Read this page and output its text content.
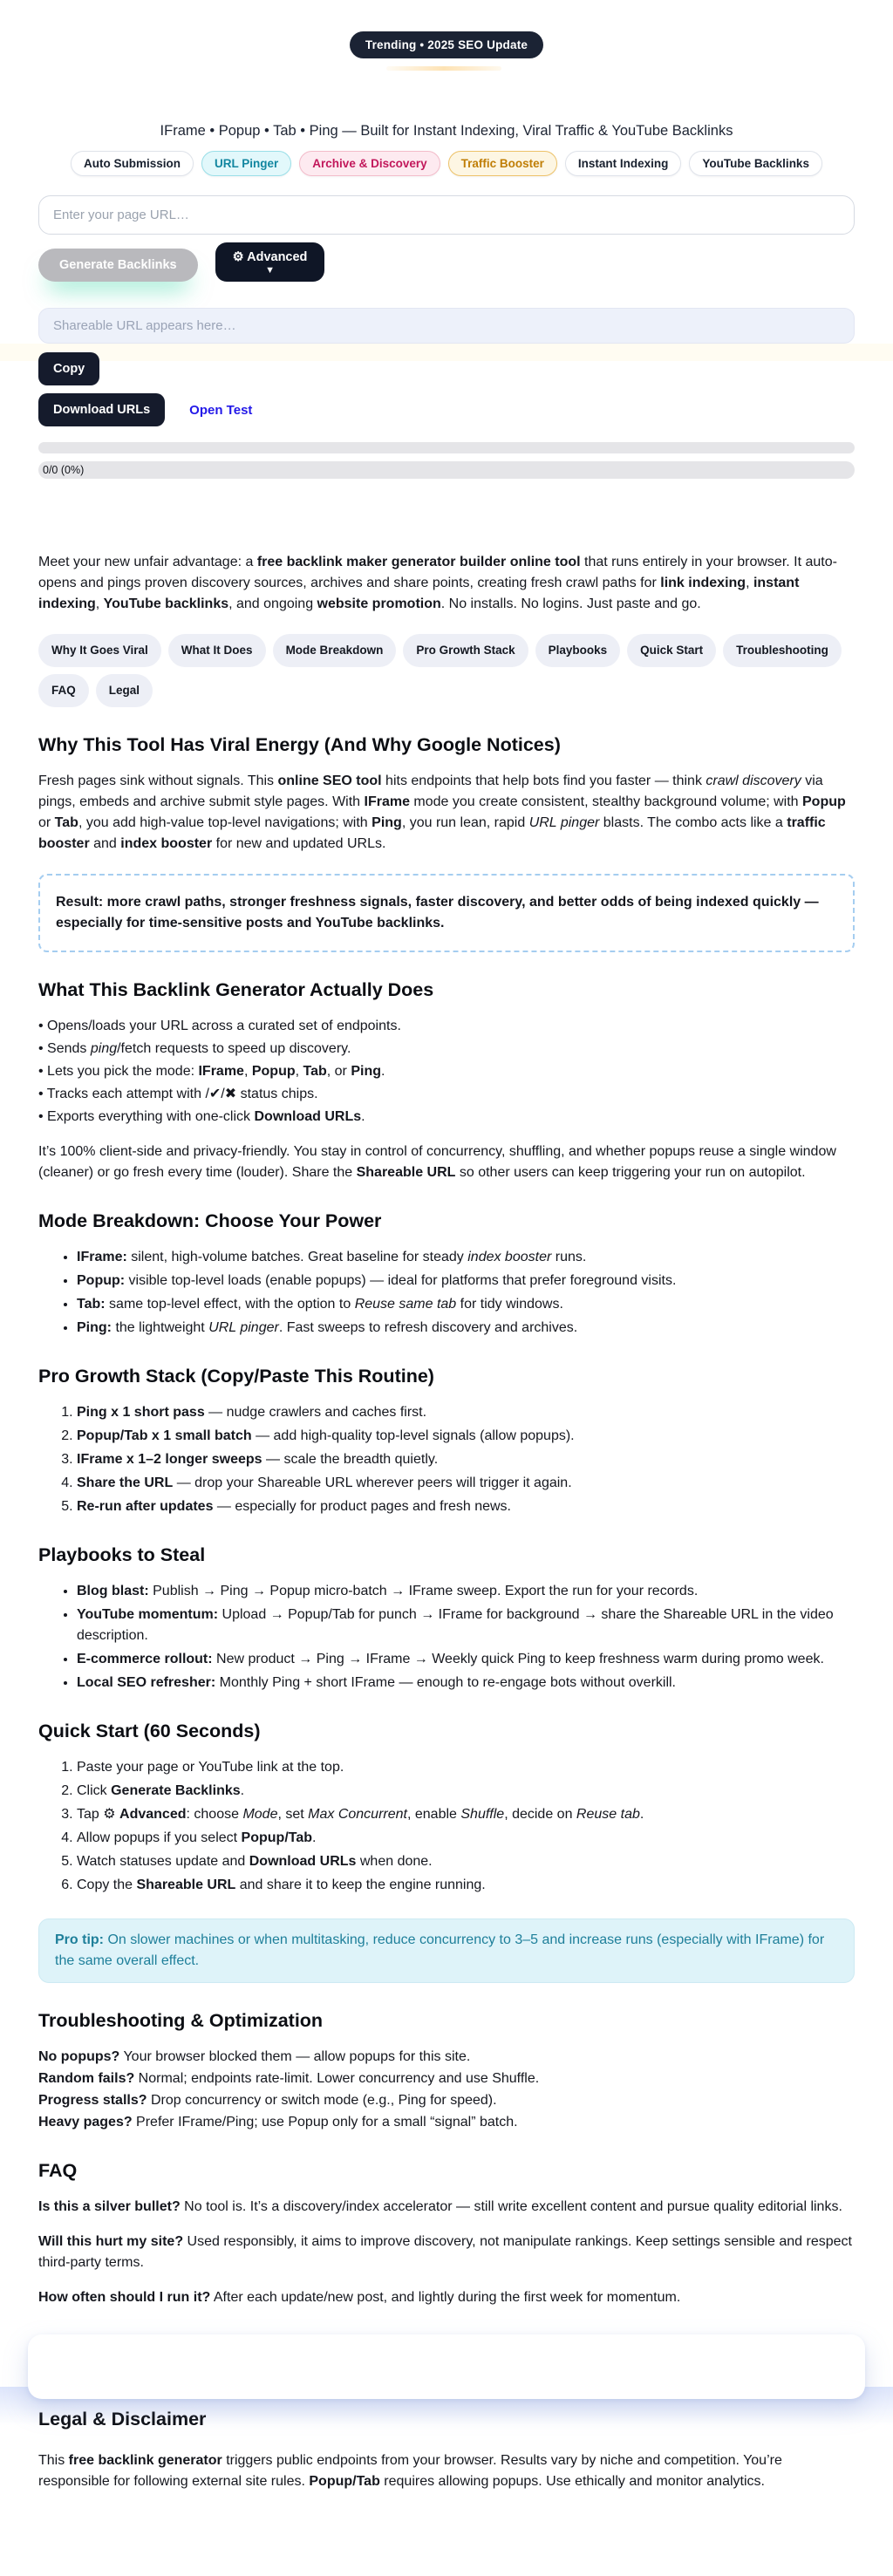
Trending • 2025 SEO Update

IFrame • Popup • Tab • Ping — Built for Instant Indexing, Viral Traffic & YouTube Backlinks

Auto Submission	URL Pinger	Archive & Discovery	Traffic Booster	Instant Indexing	YouTube Backlinks
Enter your page URL…
Generate Backlinks
⚙ Advanced
▼
Shareable URL appears here…
Copy
Download URLs	Open Test
0/0 (0%)

Meet your new unfair advantage: a free backlink maker generator builder online tool that runs entirely in your browser. It auto-opens and pings proven discovery sources, archives and share points, creating fresh crawl paths for link indexing, instant indexing, YouTube backlinks, and ongoing website promotion. No installs. No logins. Just paste and go.

Why It Goes Viral	What It Does	Mode Breakdown	Pro Growth Stack	Playbooks	Quick Start	Troubleshooting
FAQ	Legal
Why This Tool Has Viral Energy (And Why Google Notices)

Fresh pages sink without signals. This online SEO tool hits endpoints that help bots find you faster — think crawl discovery via pings, embeds and archive submit style pages. With IFrame mode you create consistent, stealthy background volume; with Popup or Tab, you add high-value top-level navigations; with Ping, you run lean, rapid URL pinger blasts. The combo acts like a traffic booster and index booster for new and updated URLs.

Result: more crawl paths, stronger freshness signals, faster discovery, and better odds of being indexed quickly — especially for time-sensitive posts and YouTube backlinks.

What This Backlink Generator Actually Does

• Opens/loads your URL across a curated set of endpoints.

• Sends ping/fetch requests to speed up discovery.

• Lets you pick the mode: IFrame, Popup, Tab, or Ping.

• Tracks each attempt with /✔/✖ status chips.

• Exports everything with one-click Download URLs.

It’s 100% client-side and privacy-friendly. You stay in control of concurrency, shuffling, and whether popups reuse a single window (cleaner) or go fresh every time (louder). Share the Shareable URL so other users can keep triggering your run on autopilot.

Mode Breakdown: Choose Your Power
• IFrame: silent, high-volume batches. Great baseline for steady index booster runs.
• Popup: visible top-level loads (enable popups) — ideal for platforms that prefer foreground visits.
• Tab: same top-level effect, with the option to Reuse same tab for tidy windows.
• Ping: the lightweight URL pinger. Fast sweeps to refresh discovery and archives.
Pro Growth Stack (Copy/Paste This Routine)
1. Ping x 1 short pass — nudge crawlers and caches first.
2. Popup/Tab x 1 small batch — add high-quality top-level signals (allow popups).
3. IFrame x 1–2 longer sweeps — scale the breadth quietly.
4. Share the URL — drop your Shareable URL wherever peers will trigger it again.
5. Re-run after updates — especially for product pages and fresh news.
Playbooks to Steal
• Blog blast: Publish → Ping → Popup micro-batch → IFrame sweep. Export the run for your records.
• YouTube momentum: Upload → Popup/Tab for punch → IFrame for background → share the Shareable URL in the video description.
• E-commerce rollout: New product → Ping → IFrame → Weekly quick Ping to keep freshness warm during promo week.
• Local SEO refresher: Monthly Ping + short IFrame — enough to re-engage bots without overkill.
Quick Start (60 Seconds)
1. Paste your page or YouTube link at the top.
2. Click Generate Backlinks.
3. Tap ⚙ Advanced: choose Mode, set Max Concurrent, enable Shuffle, decide on Reuse tab.
4. Allow popups if you select Popup/Tab.
5. Watch statuses update and Download URLs when done.
6. Copy the Shareable URL and share it to keep the engine running.
Pro tip: On slower machines or when multitasking, reduce concurrency to 3–5 and increase runs (especially with IFrame) for the same overall effect.
Troubleshooting & Optimization
No popups? Your browser blocked them — allow popups for this site.
Random fails? Normal; endpoints rate-limit. Lower concurrency and use Shuffle.
Progress stalls? Drop concurrency or switch mode (e.g., Ping for speed).
Heavy pages? Prefer IFrame/Ping; use Popup only for a small “signal” batch.
FAQ

Is this a silver bullet? No tool is. It’s a discovery/index accelerator — still write excellent content and pursue quality editorial links.

Will this hurt my site? Used responsibly, it aims to improve discovery, not manipulate rankings. Keep settings sensible and respect third-party terms.

How often should I run it? After each update/new post, and lightly during the first week for momentum.

Legal & Disclaimer

This free backlink generator triggers public endpoints from your browser. Results vary by niche and competition. You’re responsible for following external site rules. Popup/Tab requires allowing popups. Use ethically and monitor analytics.
